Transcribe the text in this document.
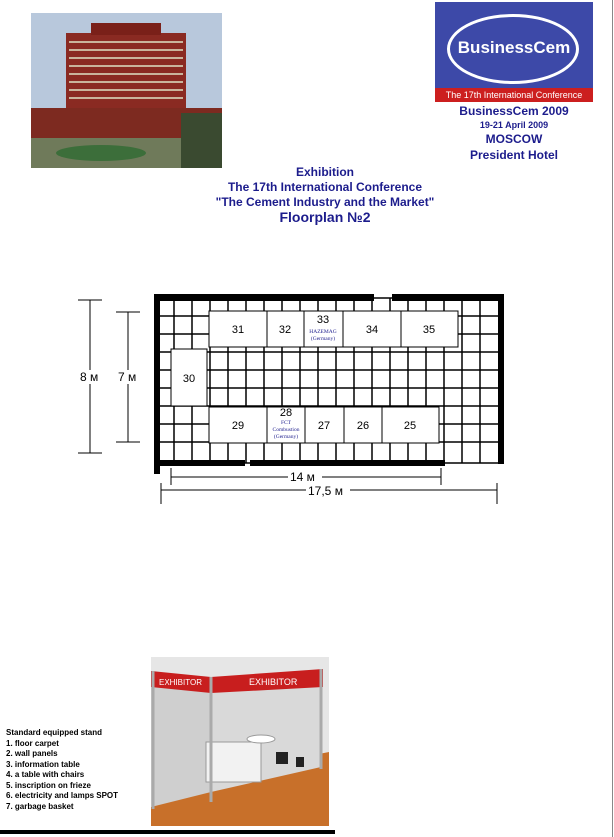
BusinessCem
The 17th International Conference
BusinessCem 2009
19-21 April 2009
MOSCOW
President Hotel
Exhibition
The 17th International Conference
"The Cement Industry and the Market"
Floorplan №2
31	32
33
34	35
30
29
28
27 26	25
HAZEMAG
(Germany)
FCT
Combustion
(Germany)
8 м 7 м
14 м
17,5 м
Standard equipped stand
1. floor carpet
2. wall panels
3. information table
4. a table with chairs
5. inscription on frieze
6. electricity and lamps SPOT
7. garbage basket
EXHIBITOR	EXHIBITOR
